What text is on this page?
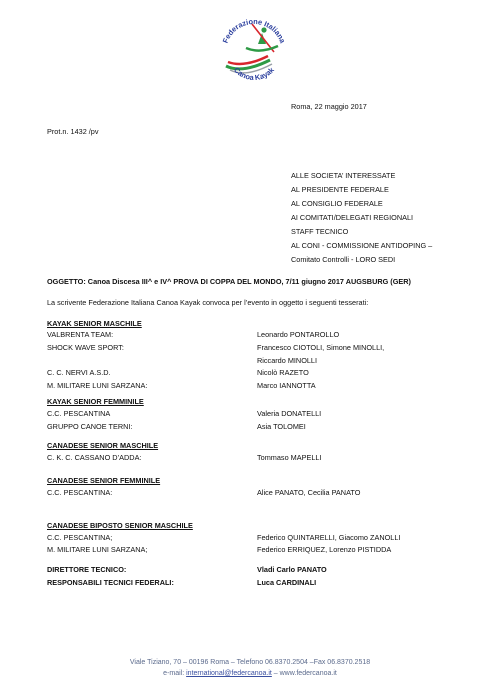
Federazione Italiana
Canoa Kayak
Roma, 22 maggio 2017
Prot.n. 1432 /pv
ALLE SOCIETA’ INTERESSATE
AL PRESIDENTE FEDERALE
AL CONSIGLIO FEDERALE
AI COMITATI/DELEGATI REGIONALI
STAFF TECNICO
AL CONI - COMMISSIONE ANTIDOPING –
Comitato Controlli - LORO SEDI
OGGETTO: Canoa Discesa III^ e IV^ PROVA DI COPPA DEL MONDO, 7/11 giugno 2017 AUGSBURG (GER)
La scrivente Federazione Italiana Canoa Kayak convoca per l’evento in oggetto i seguenti tesserati:
KAYAK SENIOR MASCHILE
VALBRENTA TEAM:	Leonardo PONTAROLLO
SHOCK WAVE SPORT:	Francesco CIOTOLI, Simone MINOLLI,
Riccardo MINOLLI
C. C. NERVI A.S.D.	Nicolò RAZETO
M. MILITARE LUNI SARZANA:	Marco IANNOTTA
KAYAK SENIOR FEMMINILE
C.C. PESCANTINA	Valeria DONATELLI
GRUPPO CANOE TERNI:	Asia TOLOMEI
CANADESE SENIOR MASCHILE
C. K. C. CASSANO D’ADDA:	Tommaso MAPELLI
CANADESE SENIOR FEMMINILE
C.C. PESCANTINA:	Alice PANATO, Cecilia PANATO
CANADESE BIPOSTO SENIOR MASCHILE
C.C. PESCANTINA;	Federico QUINTARELLI, Giacomo ZANOLLI
M. MILITARE LUNI SARZANA;	Federico ERRIQUEZ, Lorenzo PISTIDDA
DIRETTORE TECNICO:	Vladi Carlo PANATO
RESPONSABILI TECNICI FEDERALI:	Luca CARDINALI
Viale Tiziano, 70 – 00196 Roma – Telefono 06.8370.2504 –Fax 06.8370.2518
e-mail: international@federcanoa.it – www.federcanoa.it
